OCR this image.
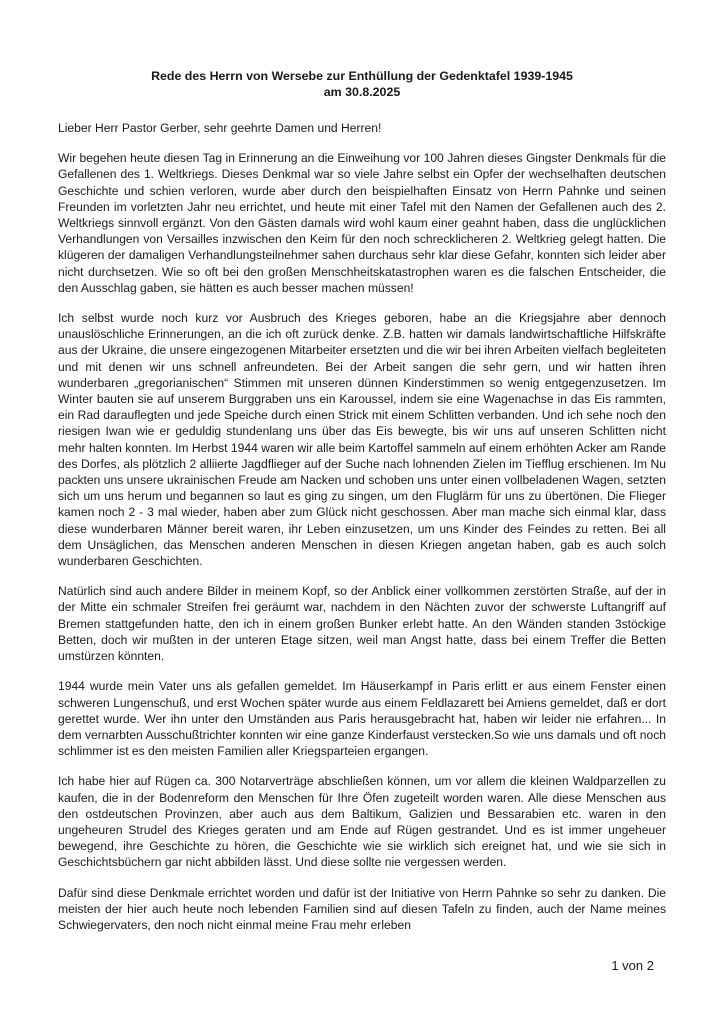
Rede des Herrn von Wersebe zur Enthüllung der Gedenktafel 1939-1945
am 30.8.2025

Lieber Herr Pastor Gerber, sehr geehrte Damen und Herren!

Wir begehen heute diesen Tag in Erinnerung an die Einweihung vor 100 Jahren dieses Gingster Denkmals für die Gefallenen des 1. Weltkriegs. Dieses Denkmal war so viele Jahre selbst ein Opfer der wechselhaften deutschen Geschichte und schien verloren, wurde aber durch den beispielhaften Einsatz von Herrn Pahnke und seinen Freunden im vorletzten Jahr neu errichtet, und heute mit einer Tafel mit den Namen der Gefallenen auch des 2. Weltkriegs sinnvoll ergänzt. Von den Gästen damals wird wohl kaum einer geahnt haben, dass die unglücklichen Verhandlungen von Versailles inzwischen den Keim für den noch schrecklicheren 2. Weltkrieg gelegt hatten. Die klügeren der damaligen Verhandlungsteilnehmer sahen durchaus sehr klar diese Gefahr, konnten sich leider aber nicht durchsetzen. Wie so oft bei den großen Menschheitskatastrophen waren es die falschen Entscheider, die den Ausschlag gaben, sie hätten es auch besser machen müssen!

Ich selbst wurde noch kurz vor Ausbruch des Krieges geboren, habe an die Kriegsjahre aber dennoch unauslöschliche Erinnerungen, an die ich oft zurück denke. Z.B. hatten wir damals landwirtschaftliche Hilfskräfte aus der Ukraine, die unsere eingezogenen Mitarbeiter ersetzten und die wir bei ihren Arbeiten vielfach begleiteten und mit denen wir uns schnell anfreundeten. Bei der Arbeit sangen die sehr gern, und wir hatten ihren wunderbaren „gregorianischen“ Stimmen mit unseren dünnen Kinderstimmen so wenig entgegenzusetzen. Im Winter bauten sie auf unserem Burggraben uns ein Karoussel, indem sie eine Wagenachse in das Eis rammten, ein Rad darauflegten und jede Speiche durch einen Strick mit einem Schlitten verbanden. Und ich sehe noch den riesigen Iwan wie er geduldig stundenlang uns über das Eis bewegte, bis wir uns auf unseren Schlitten nicht mehr halten konnten. Im Herbst 1944 waren wir alle beim Kartoffel sammeln auf einem erhöhten Acker am Rande des Dorfes, als plötzlich 2 alliierte Jagdflieger auf der Suche nach lohnenden Zielen im Tiefflug erschienen. Im Nu packten uns unsere ukrainischen Freude am Nacken und schoben uns unter einen vollbeladenen Wagen, setzten sich um uns herum und begannen so laut es ging zu singen, um den Fluglärm für uns zu übertönen. Die Flieger kamen noch 2 - 3 mal wieder, haben aber zum Glück nicht geschossen. Aber man mache sich einmal klar, dass diese wunderbaren Männer bereit waren, ihr Leben einzusetzen, um uns Kinder des Feindes zu retten. Bei all dem Unsäglichen, das Menschen anderen Menschen in diesen Kriegen angetan haben, gab es auch solch wunderbaren Geschichten.

Natürlich sind auch andere Bilder in meinem Kopf, so der Anblick einer vollkommen zerstörten Straße, auf der in der Mitte ein schmaler Streifen frei geräumt war, nachdem in den Nächten zuvor der schwerste Luftangriff auf Bremen stattgefunden hatte, den ich in einem großen Bunker erlebt hatte. An den Wänden standen 3stöckige Betten, doch wir mußten in der unteren Etage sitzen, weil man Angst hatte, dass bei einem Treffer die Betten umstürzen könnten.

1944 wurde mein Vater uns als gefallen gemeldet. Im Häuserkampf in Paris erlitt er aus einem Fenster einen schweren Lungenschuß, und erst Wochen später wurde aus einem Feldlazarett bei Amiens gemeldet, daß er dort gerettet wurde. Wer ihn unter den Umständen aus Paris herausgebracht hat, haben wir leider nie erfahren... In dem vernarbten Ausschußtrichter konnten wir eine ganze Kinderfaust verstecken.So wie uns damals und oft noch schlimmer ist es den meisten Familien aller Kriegsparteien ergangen.

Ich habe hier auf Rügen ca. 300 Notarverträge abschließen können, um vor allem die kleinen Waldparzellen zu kaufen, die in der Bodenreform den Menschen für Ihre Öfen zugeteilt worden waren. Alle diese Menschen aus den ostdeutschen Provinzen, aber auch aus dem Baltikum, Galizien und Bessarabien etc. waren in den ungeheuren Strudel des Krieges geraten und am Ende auf Rügen gestrandet. Und es ist immer ungeheuer bewegend, ihre Geschichte zu hören, die Geschichte wie sie wirklich sich ereignet hat, und wie sie sich in Geschichtsbüchern gar nicht abbilden lässt. Und diese sollte nie vergessen werden.

Dafür sind diese Denkmale errichtet worden und dafür ist der Initiative von Herrn Pahnke so sehr zu danken. Die meisten der hier auch heute noch lebenden Familien sind auf diesen Tafeln zu finden, auch der Name meines Schwiegervaters, den noch nicht einmal meine Frau mehr erleben

1 von 2
